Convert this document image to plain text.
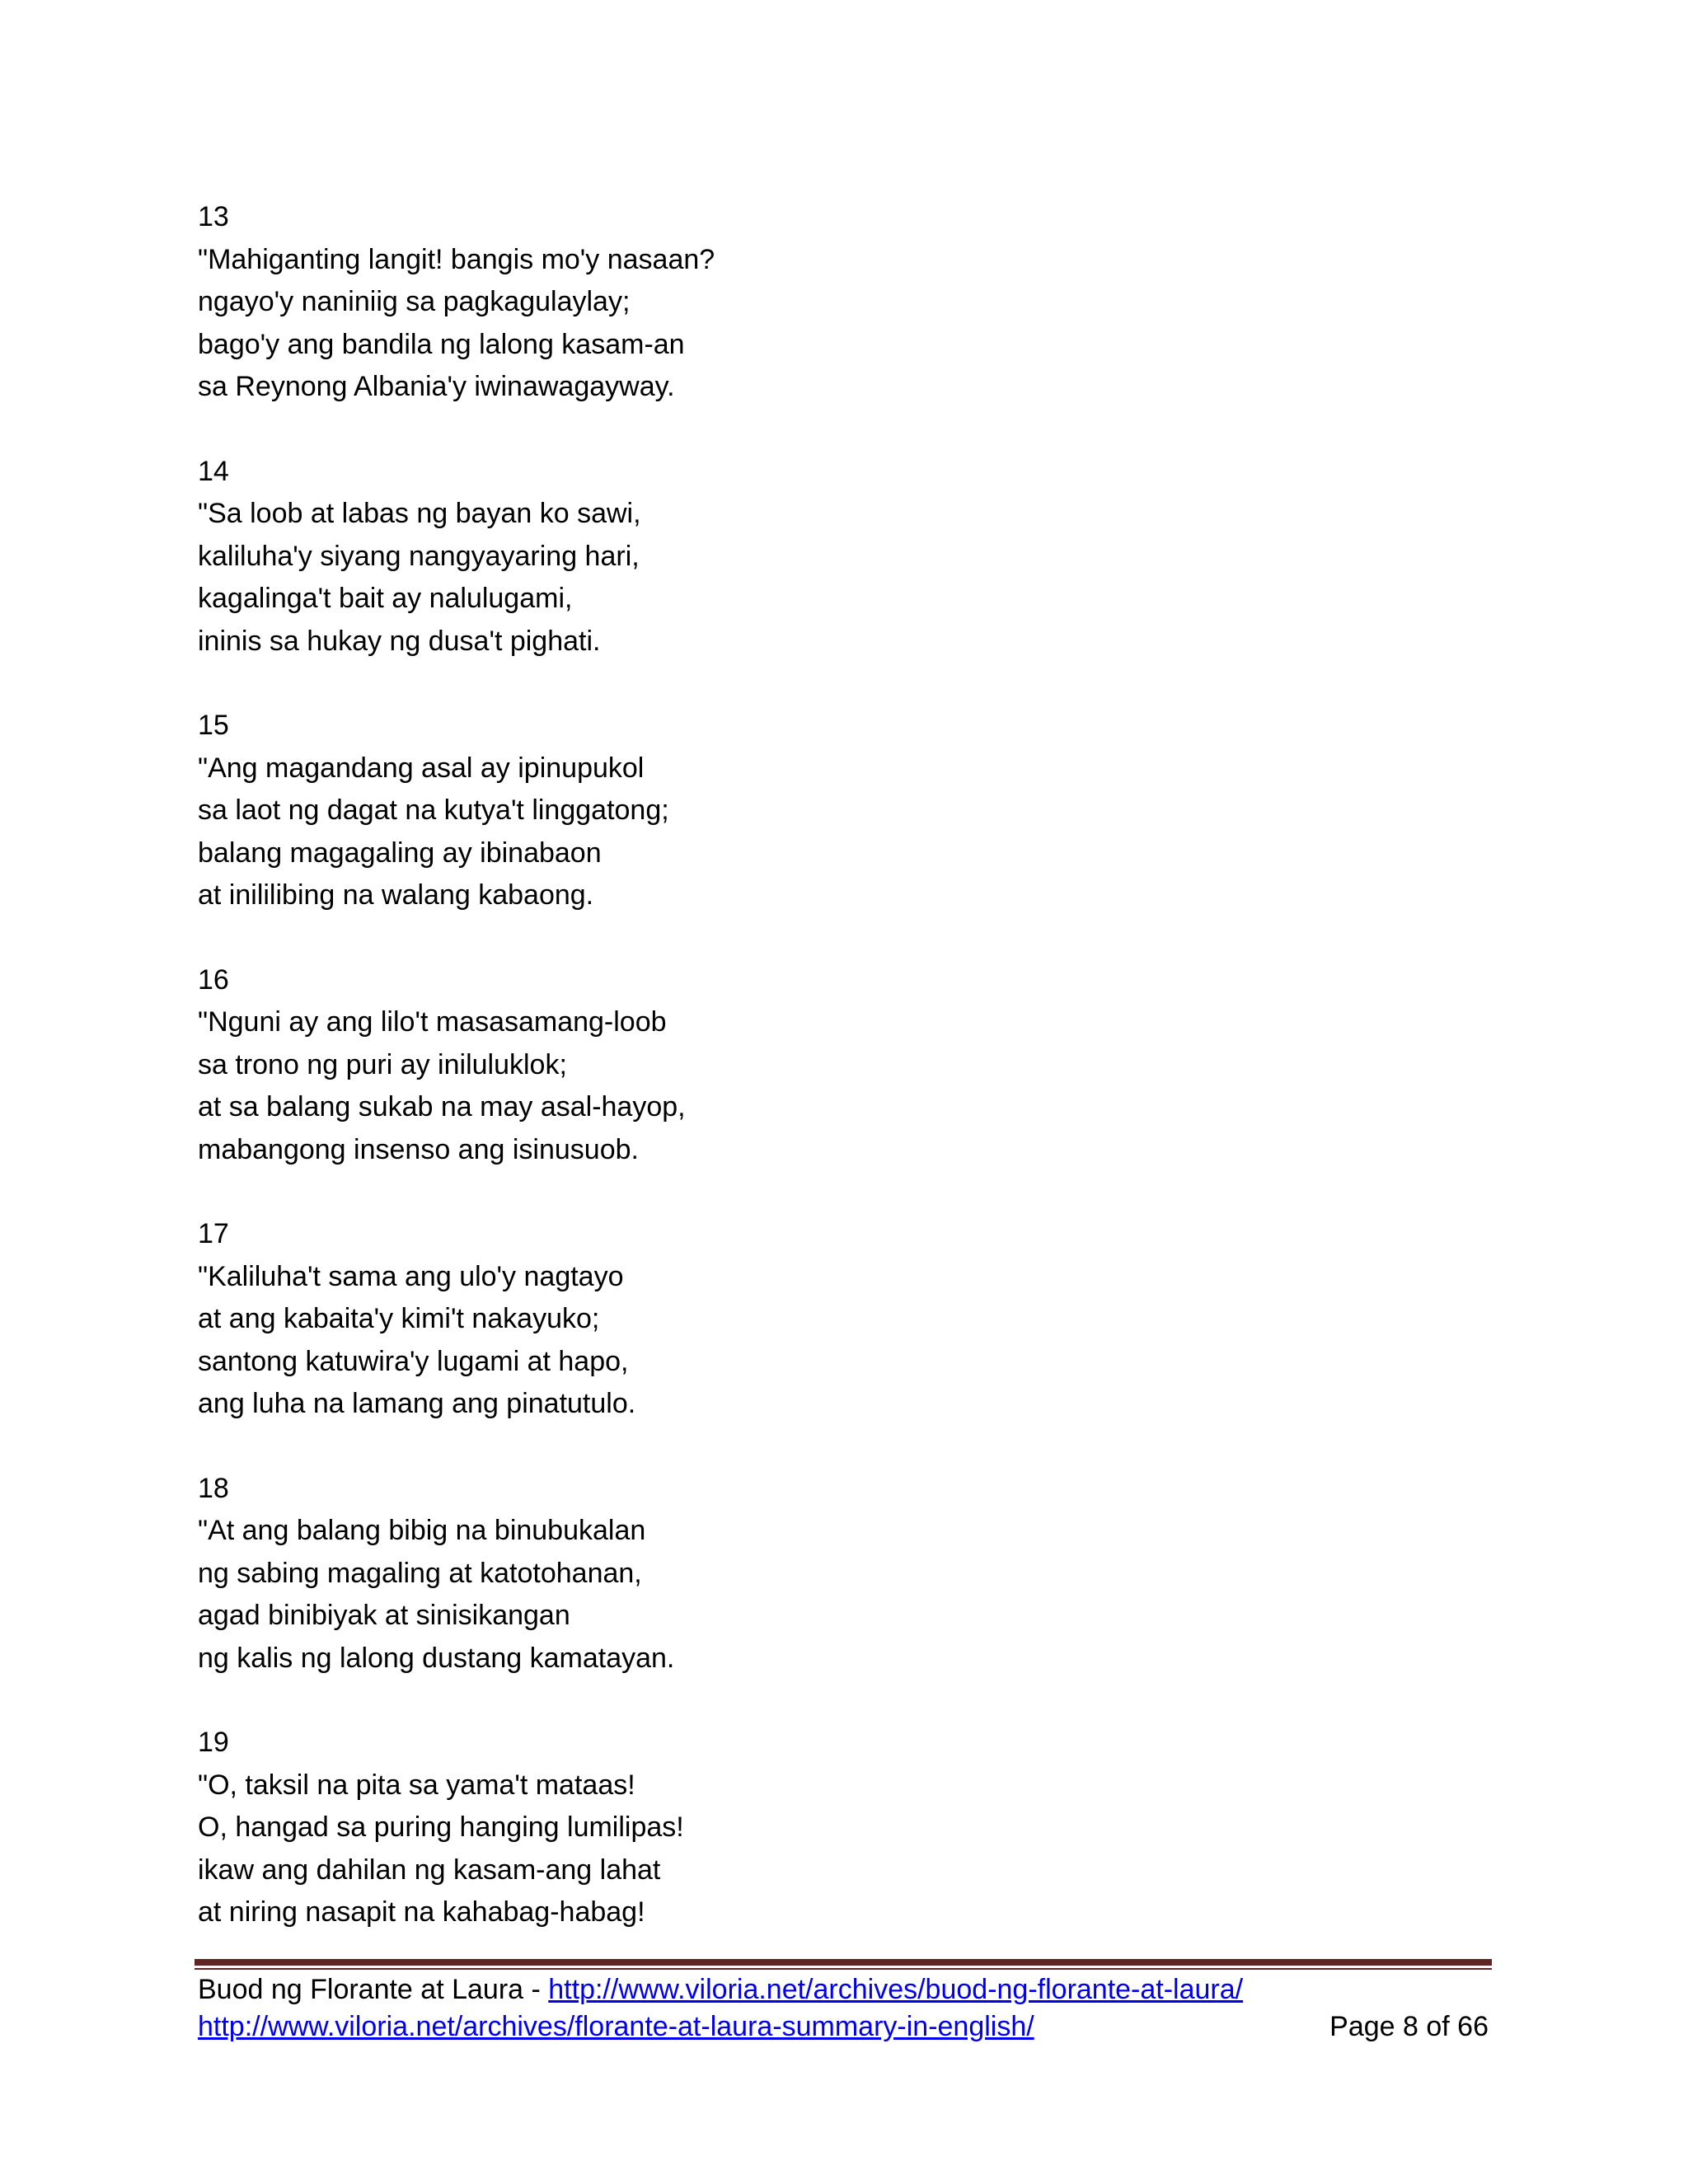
13
"Mahiganting langit! bangis mo'y nasaan?
ngayo'y naniniig sa pagkagulaylay;
bago'y ang bandila ng lalong kasam-an
sa Reynong Albania'y iwinawagayway.
14
"Sa loob at labas ng bayan ko sawi,
kaliluha'y siyang nangyayaring hari,
kagalinga't bait ay nalulugami,
ininis sa hukay ng dusa't pighati.
15
"Ang magandang asal ay ipinupukol
sa laot ng dagat na kutya't linggatong;
balang magagaling ay ibinabaon
at inililibing na walang kabaong.
16
"Nguni ay ang lilo't masasamang-loob
sa trono ng puri ay iniluluklok;
at sa balang sukab na may asal-hayop,
mabangong insenso ang isinusuob.
17
"Kaliluha't sama ang ulo'y nagtayo
at ang kabaita'y kimi't nakayuko;
santong katuwira'y lugami at hapo,
ang luha na lamang ang pinatutulo.
18
"At ang balang bibig na binubukalan
ng sabing magaling at katotohanan,
agad binibiyak at sinisikangan
ng kalis ng lalong dustang kamatayan.
19
"O, taksil na pita sa yama't mataas!
O, hangad sa puring hanging lumilipas!
ikaw ang dahilan ng kasam-ang lahat
at niring nasapit na kahabag-habag!
Buod ng Florante at Laura - http://www.viloria.net/archives/buod-ng-florante-at-laura/
http://www.viloria.net/archives/florante-at-laura-summary-in-english/	Page 8 of 66
